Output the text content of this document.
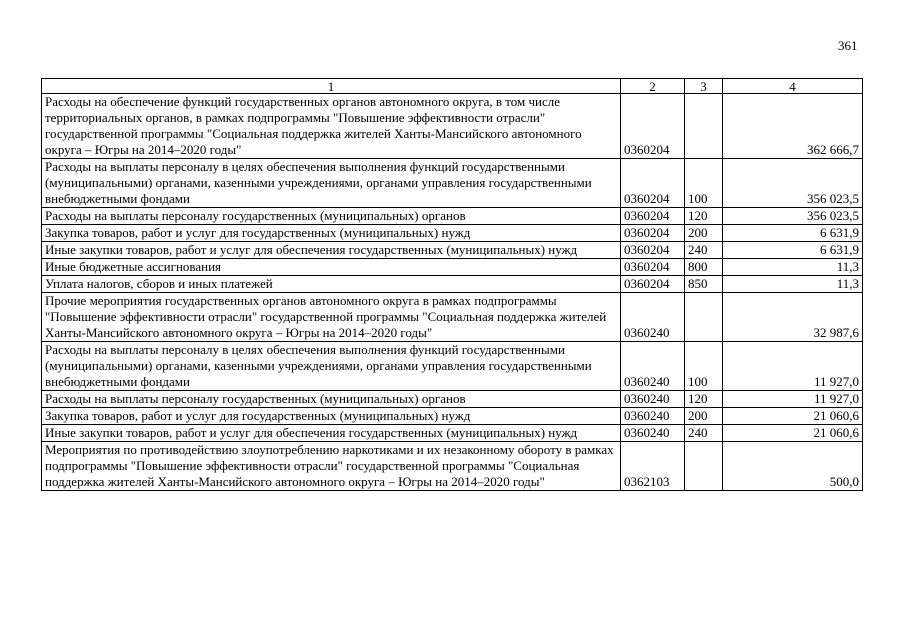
361
1	2	3	4
Расходы на обеспечение функций государственных органов автономного округа, в том числе территориальных органов, в рамках подпрограммы "Повышение эффективности отрасли" государственной программы "Социальная поддержка жителей Ханты-Мансийского автономного округа – Югры на 2014–2020 годы"	0360204		362 666,7
Расходы на выплаты персоналу в целях обеспечения выполнения функций государственными (муниципальными) органами, казенными учреждениями, органами управления государственными внебюджетными фондами	0360204	100	356 023,5
Расходы на выплаты персоналу государственных (муниципальных) органов	0360204	120	356 023,5
Закупка товаров, работ и услуг для государственных (муниципальных) нужд	0360204	200	6 631,9
Иные закупки товаров, работ и услуг для обеспечения государственных (муниципальных) нужд	0360204	240	6 631,9
Иные бюджетные ассигнования	0360204	800	11,3
Уплата налогов, сборов и иных платежей	0360204	850	11,3
Прочие мероприятия государственных органов автономного округа в рамках подпрограммы "Повышение эффективности отрасли" государственной программы "Социальная поддержка жителей Ханты-Мансийского автономного округа – Югры на 2014–2020 годы"	0360240		32 987,6
Расходы на выплаты персоналу в целях обеспечения выполнения функций государственными (муниципальными) органами, казенными учреждениями, органами управления государственными внебюджетными фондами	0360240	100	11 927,0
Расходы на выплаты персоналу государственных (муниципальных) органов	0360240	120	11 927,0
Закупка товаров, работ и услуг для государственных (муниципальных) нужд	0360240	200	21 060,6
Иные закупки товаров, работ и услуг для обеспечения государственных (муниципальных) нужд	0360240	240	21 060,6
Мероприятия по противодействию злоупотреблению наркотиками и их незаконному обороту в рамках подпрограммы "Повышение эффективности отрасли" государственной программы "Социальная поддержка жителей Ханты-Мансийского автономного округа – Югры на 2014–2020 годы"	0362103		500,0
